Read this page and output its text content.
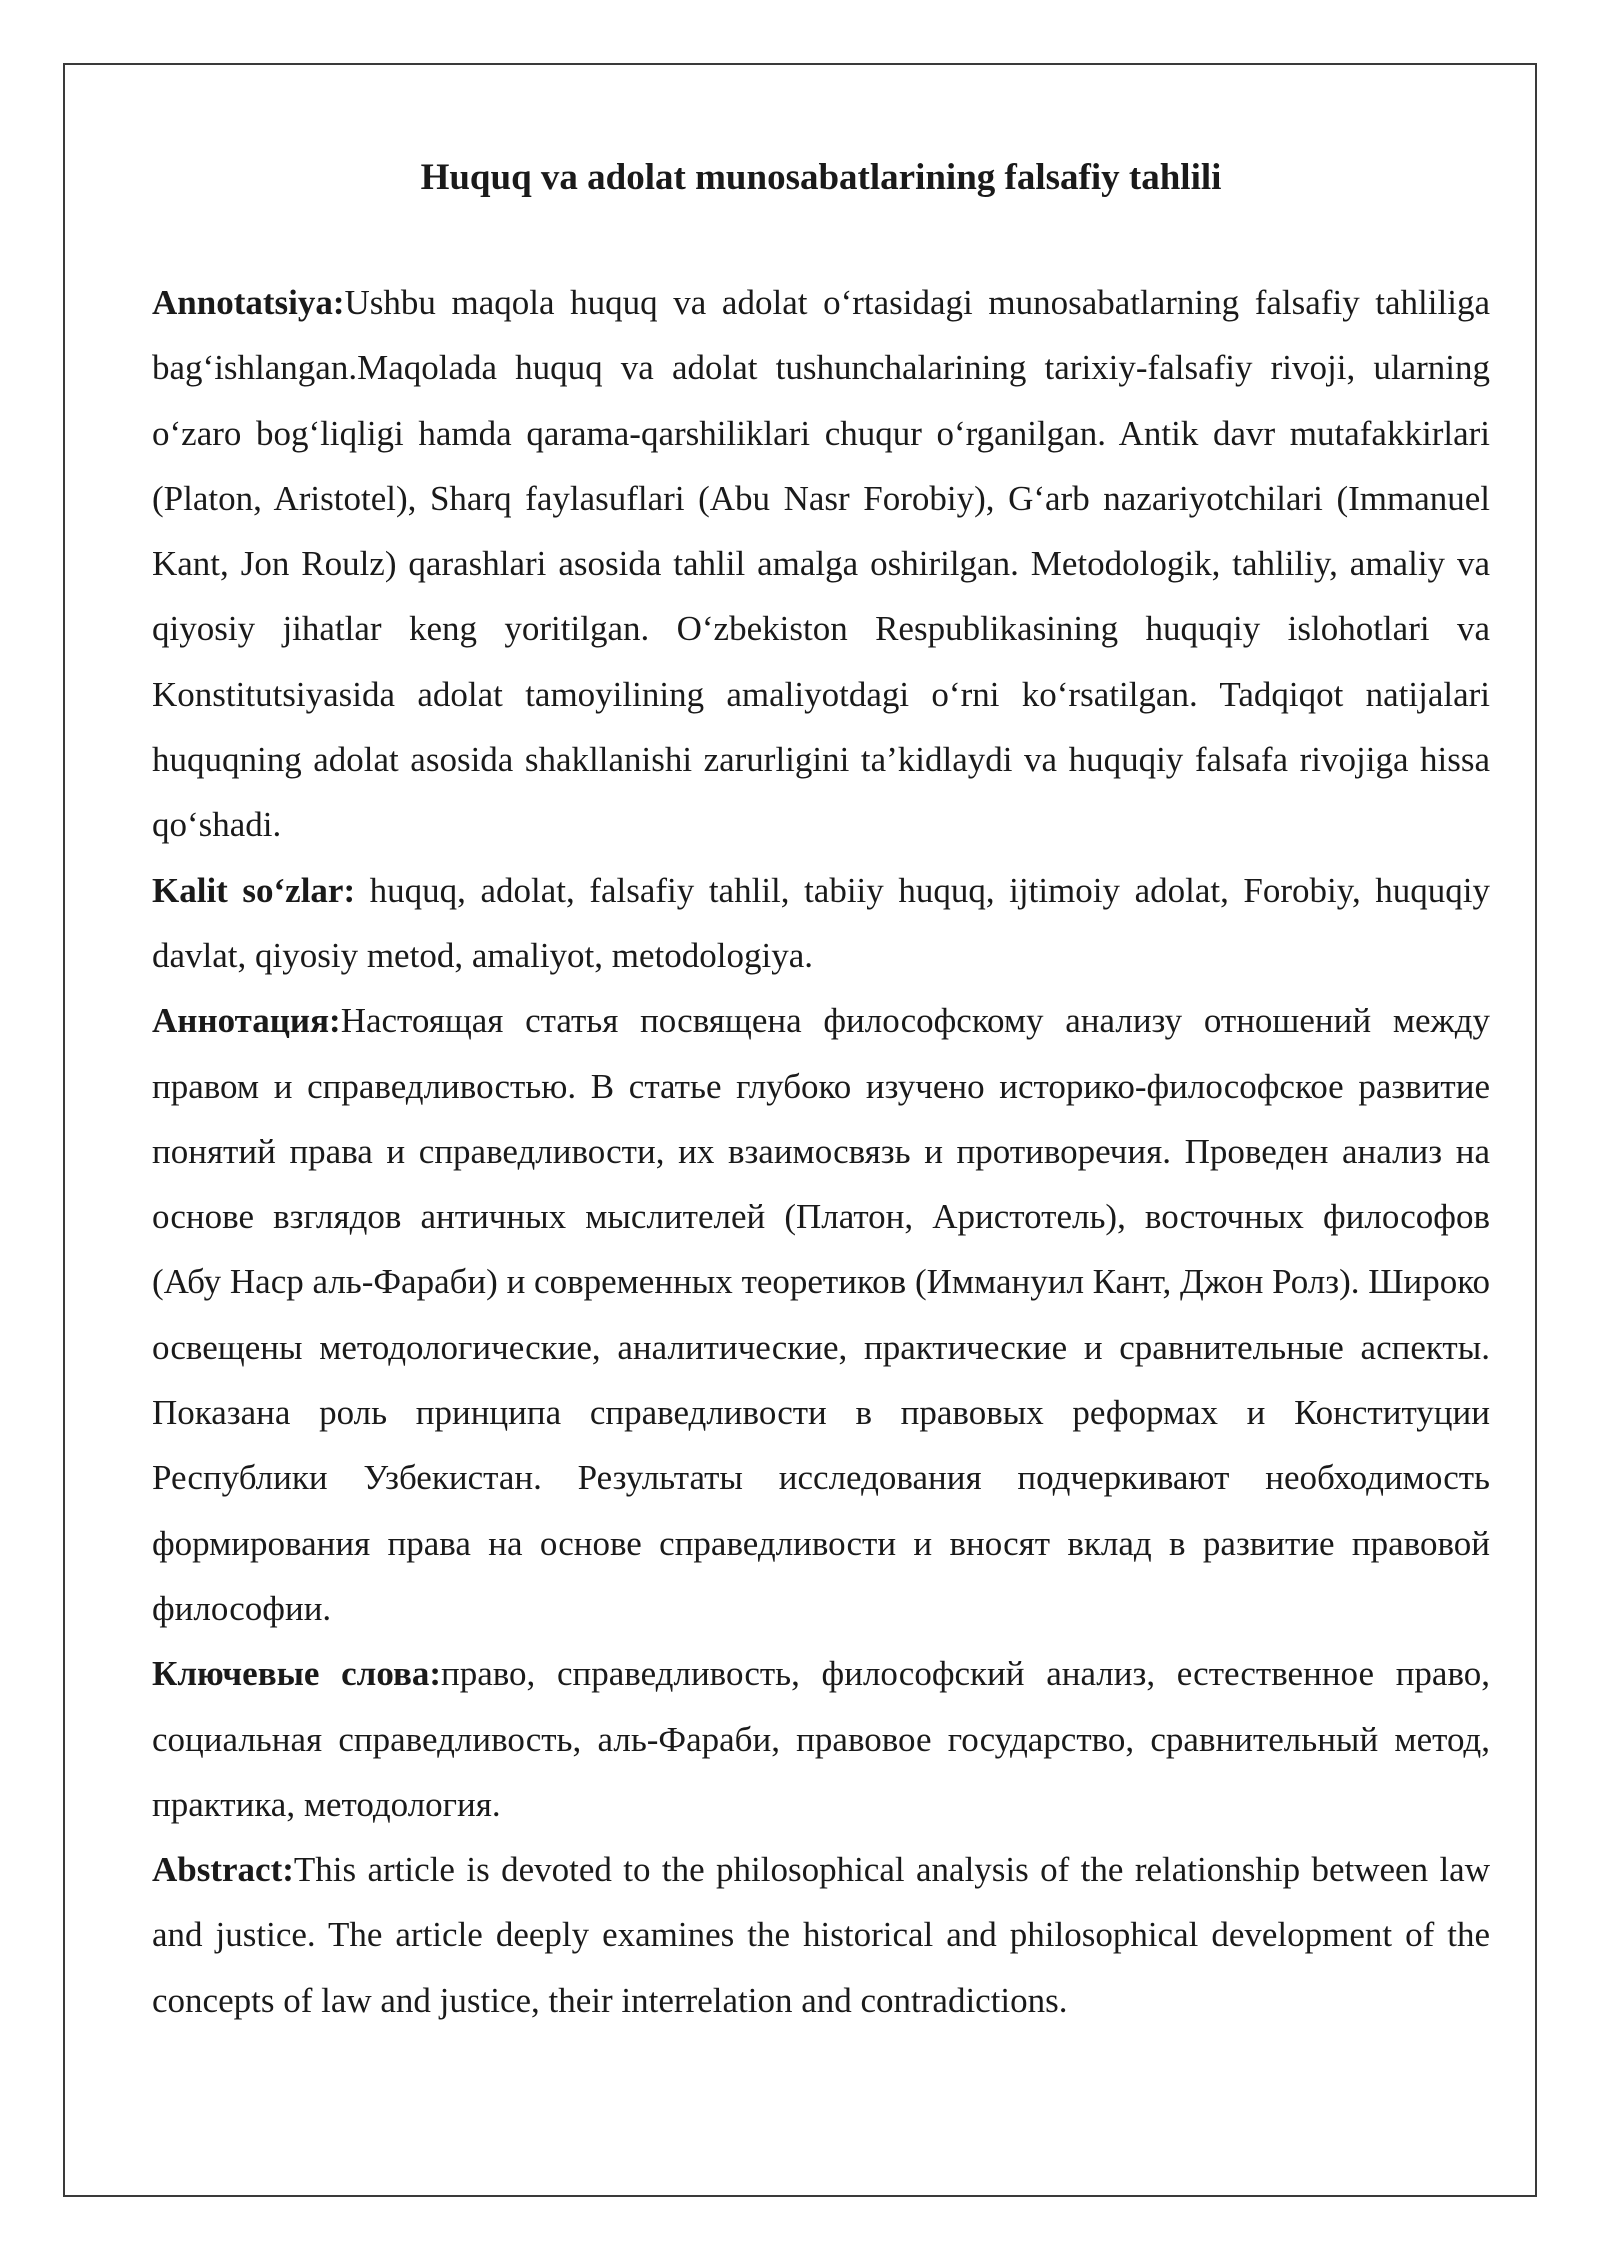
Huquq va adolat munosabatlarining falsafiy tahlili

Annotatsiya:Ushbu maqola huquq va adolat o‘rtasidagi munosabatlarning falsafiy tahliliga bag‘ishlangan.Maqolada huquq va adolat tushunchalarining tarixiy-falsafiy rivoji, ularning o‘zaro bog‘liqligi hamda qarama-qarshiliklari chuqur o‘rganilgan. Antik davr mutafakkirlari (Platon, Aristotel), Sharq faylasuflari (Abu Nasr Forobiy), G‘arb nazariyotchilari (Immanuel Kant, Jon Roulz) qarashlari asosida tahlil amalga oshirilgan. Metodologik, tahliliy, amaliy va qiyosiy jihatlar keng yoritilgan. O‘zbekiston Respublikasining huquqiy islohotlari va Konstitutsiyasida adolat tamoyilining amaliyotdagi o‘rni ko‘rsatilgan. Tadqiqot natijalari huquqning adolat asosida shakllanishi zarurligini ta’kidlaydi va huquqiy falsafa rivojiga hissa qo‘shadi.

Kalit so‘zlar: huquq, adolat, falsafiy tahlil, tabiiy huquq, ijtimoiy adolat, Forobiy, huquqiy davlat, qiyosiy metod, amaliyot, metodologiya.

Аннотация:Настоящая статья посвящена философскому анализу отношений между правом и справедливостью. В статье глубоко изучено историко-философское развитие понятий права и справедливости, их взаимосвязь и противоречия. Проведен анализ на основе взглядов античных мыслителей (Платон, Аристотель), восточных философов (Абу Наср аль-Фараби) и современных теоретиков (Иммануил Кант, Джон Ролз). Широко освещены методологические, аналитические, практические и сравнительные аспекты. Показана роль принципа справедливости в правовых реформах и Конституции Республики Узбекистан. Результаты исследования подчеркивают необходимость формирования права на основе справедливости и вносят вклад в развитие правовой философии.

Ключевые слова:право, справедливость, философский анализ, естественное право, социальная справедливость, аль-Фараби, правовое государство, сравнительный метод, практика, методология.

Abstract:This article is devoted to the philosophical analysis of the relationship between law and justice. The article deeply examines the historical and philosophical development of the concepts of law and justice, their interrelation and contradictions.
